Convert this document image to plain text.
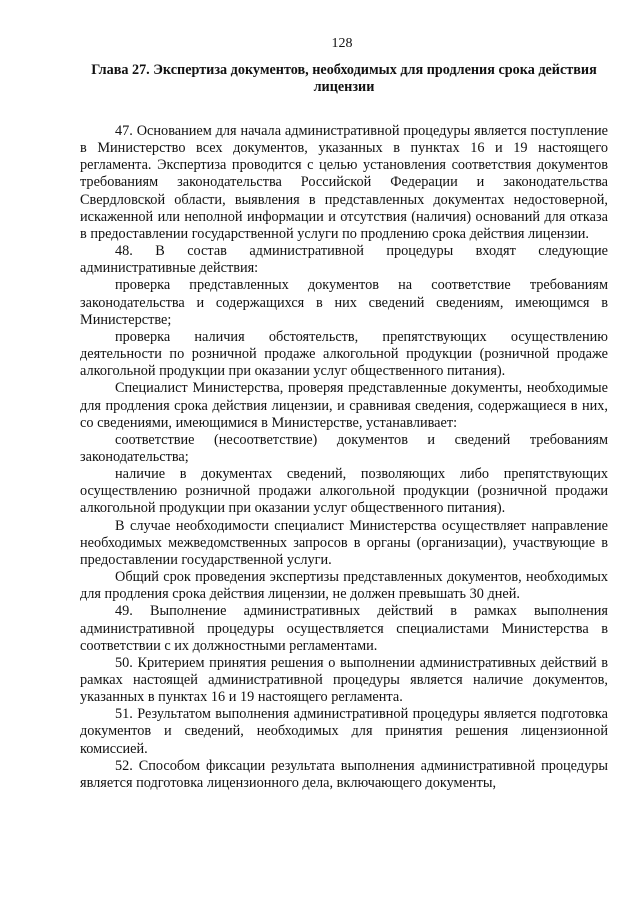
128
Глава 27. Экспертиза документов, необходимых для продления срока действия лицензии

47. Основанием для начала административной процедуры является поступление в Министерство всех документов, указанных в пунктах 16 и 19 настоящего регламента. Экспертиза проводится с целью установления соответствия документов требованиям законодательства Российской Федерации и законодательства Свердловской области, выявления в представленных документах недостоверной, искаженной или неполной информации и отсутствия (наличия) оснований для отказа в предоставлении государственной услуги по продлению срока действия лицензии.

48. В состав административной процедуры входят следующие административные действия:

проверка представленных документов на соответствие требованиям законодательства и содержащихся в них сведений сведениям, имеющимся в Министерстве;

проверка наличия обстоятельств, препятствующих осуществлению деятельности по розничной продаже алкогольной продукции (розничной продаже алкогольной продукции при оказании услуг общественного питания).

Специалист Министерства, проверяя представленные документы, необходимые для продления срока действия лицензии, и сравнивая сведения, содержащиеся в них, со сведениями, имеющимися в Министерстве, устанавливает:

соответствие (несоответствие) документов и сведений требованиям законодательства;

наличие в документах сведений, позволяющих либо препятствующих осуществлению розничной продажи алкогольной продукции (розничной продажи алкогольной продукции при оказании услуг общественного питания).

В случае необходимости специалист Министерства осуществляет направление необходимых межведомственных запросов в органы (организации), участвующие в предоставлении государственной услуги.

Общий срок проведения экспертизы представленных документов, необходимых для продления срока действия лицензии, не должен превышать 30 дней.

49. Выполнение административных действий в рамках выполнения административной процедуры осуществляется специалистами Министерства в соответствии с их должностными регламентами.

50. Критерием принятия решения о выполнении административных действий в рамках настоящей административной процедуры является наличие документов, указанных в пунктах 16 и 19 настоящего регламента.

51. Результатом выполнения административной процедуры является подготовка документов и сведений, необходимых для принятия решения лицензионной комиссией.

52. Способом фиксации результата выполнения административной процедуры является подготовка лицензионного дела, включающего документы,
